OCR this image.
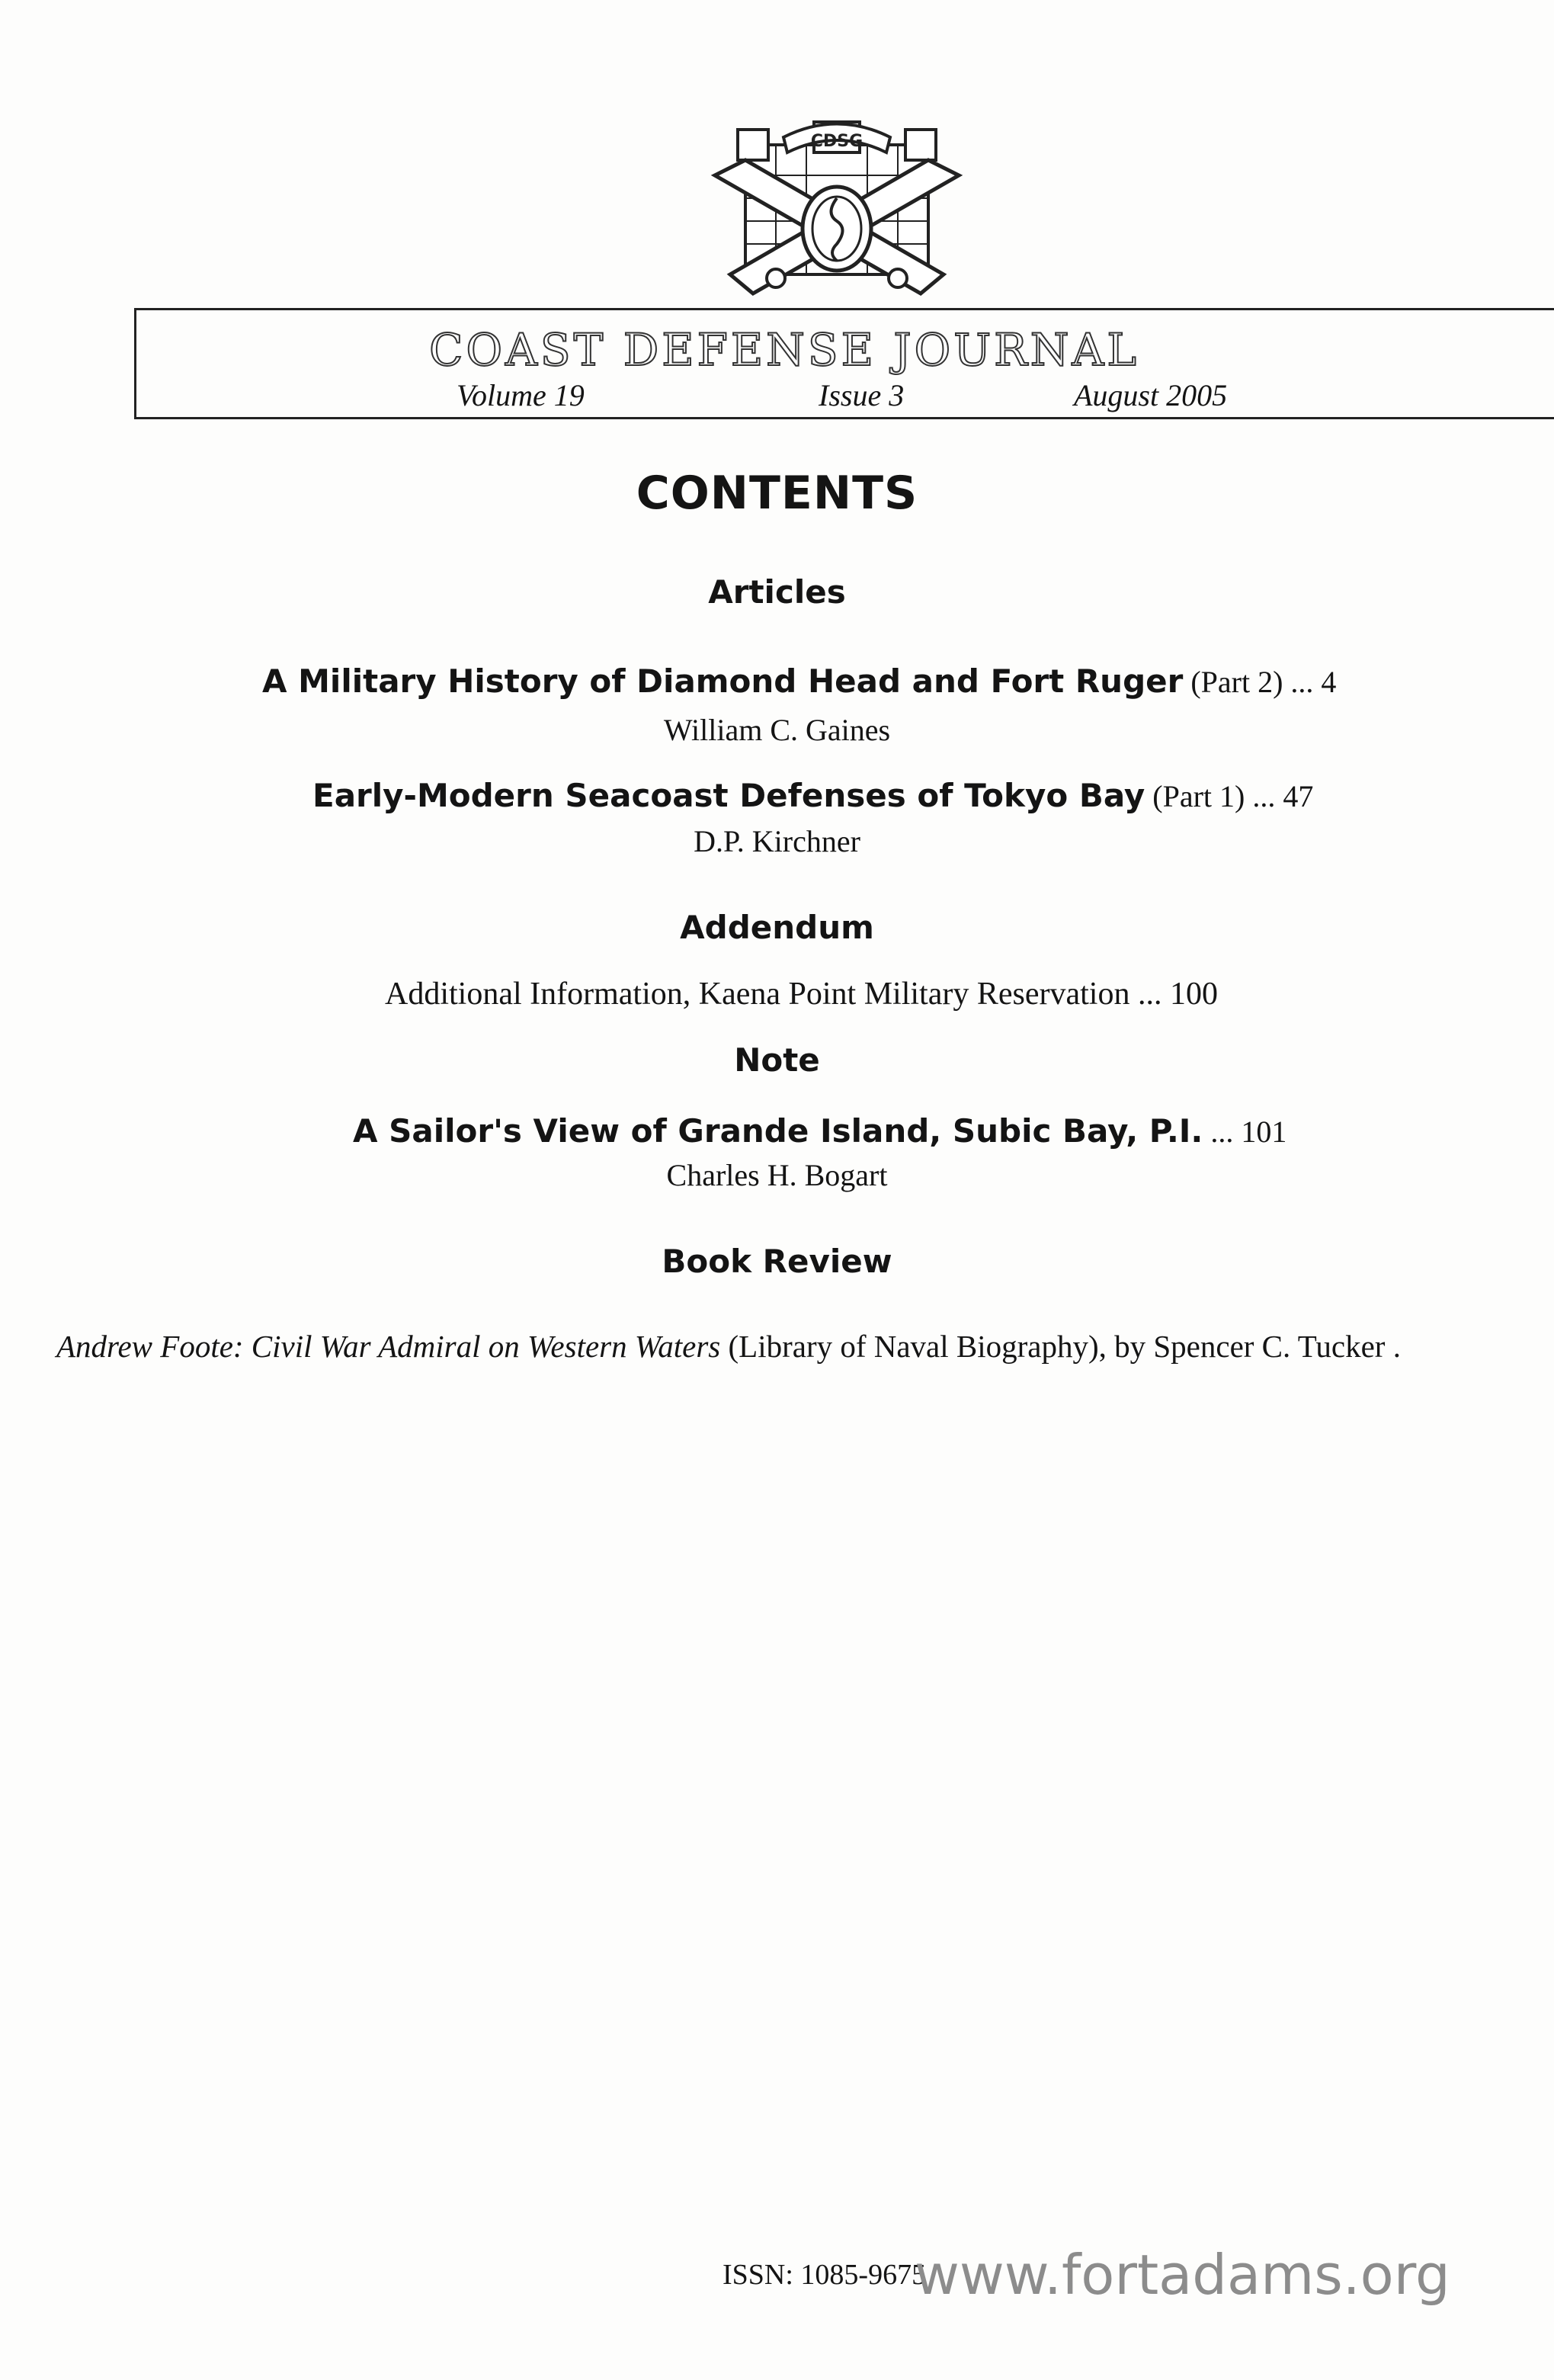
CDSG
COAST DEFENSE JOURNAL
Volume 19	Issue 3	August 2005
CONTENTS
Articles
A Military History of Diamond Head and Fort Ruger (Part 2) ... 4
William C. Gaines
Early-Modern Seacoast Defenses of Tokyo Bay (Part 1) ... 47
D.P. Kirchner
Addendum
Additional Information, Kaena Point Military Reservation ... 100
Note
A Sailor's View of Grande Island, Subic Bay, P.I. ... 101
Charles H. Bogart
Book Review
Andrew Foote: Civil War Admiral on Western Waters (Library of Naval Biography), by Spencer C. Tucker .
ISSN: 1085-9675
www.fortadams.org
